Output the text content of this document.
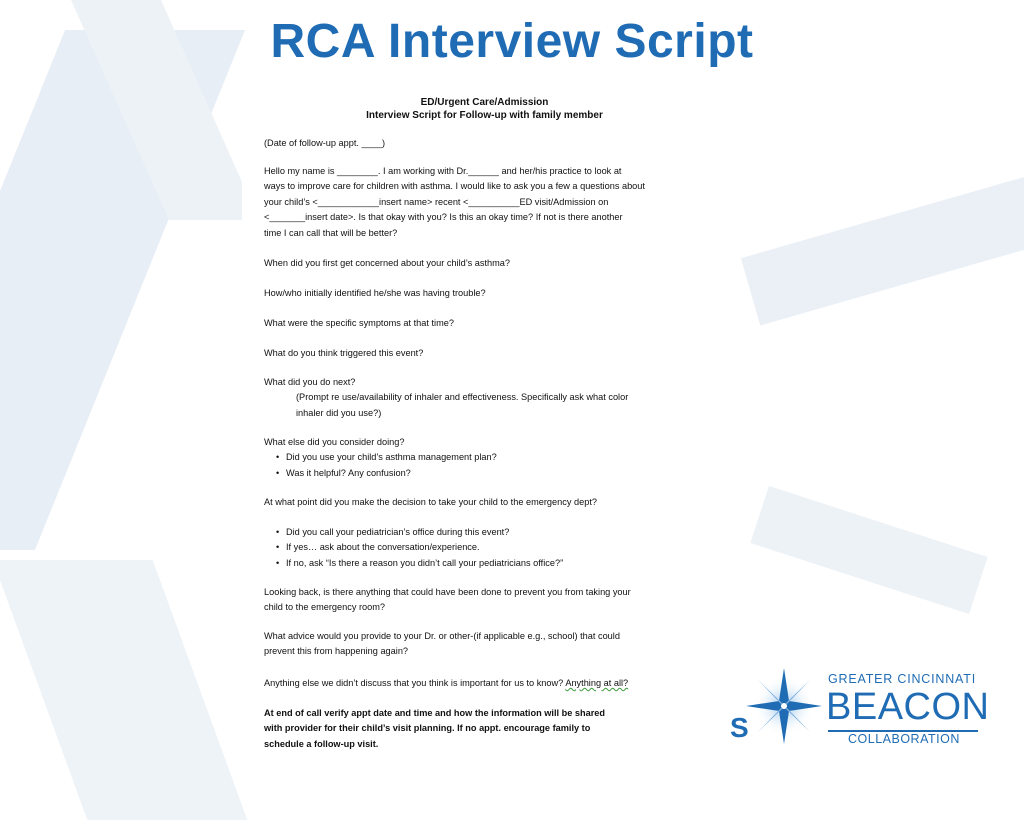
RCA Interview Script
S
ED/Urgent Care/Admission
Interview Script for Follow-up with family member
(Date of follow-up appt. ____)
Hello my name is ________. I am working with Dr.______ and her/his practice to look at
ways to improve care for children with asthma. I would like to ask you a few a questions about
your child’s <____________insert name> recent <__________ED visit/Admission on
<_______insert date>. Is that okay with you? Is this an okay time? If not is there another
time I can call that will be better?
When did you first get concerned about your child’s asthma?
How/who initially identified he/she was having trouble?
What were the specific symptoms at that time?
What do you think triggered this event?
What did you do next?
(Prompt re use/availability of inhaler and effectiveness. Specifically ask what color
inhaler did you use?)
What else did you consider doing?
• Did you use your child’s asthma management plan?
• Was it helpful? Any confusion?
At what point did you make the decision to take your child to the emergency dept?
• Did you call your pediatrician’s office during this event?
• If yes… ask about the conversation/experience.
• If no, ask “Is there a reason you didn’t call your pediatricians office?”
Looking back, is there anything that could have been done to prevent you from taking your
child to the emergency room?
What advice would you provide to your Dr. or other-(if applicable e.g., school) that could
prevent this from happening again?
Anything else we didn’t discuss that you think is important for us to know? Anything at all?
At end of call verify appt date and time and how the information will be shared
with provider for their child’s visit planning. If no appt. encourage family to
schedule a follow-up visit.
GREATER CINCINNATI
BEACON
COLLABORATION
